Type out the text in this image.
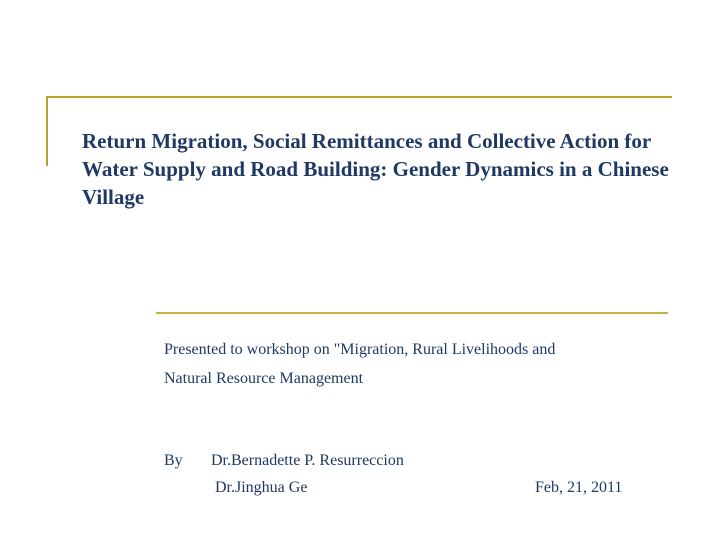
Return Migration, Social Remittances and Collective Action for Water Supply and Road Building: Gender Dynamics in a Chinese Village

Presented to workshop on "Migration, Rural Livelihoods and

Natural Resource Management

By Dr.Bernadette P. Resurreccion
Dr.Jinghua Ge	Feb, 21, 2011
